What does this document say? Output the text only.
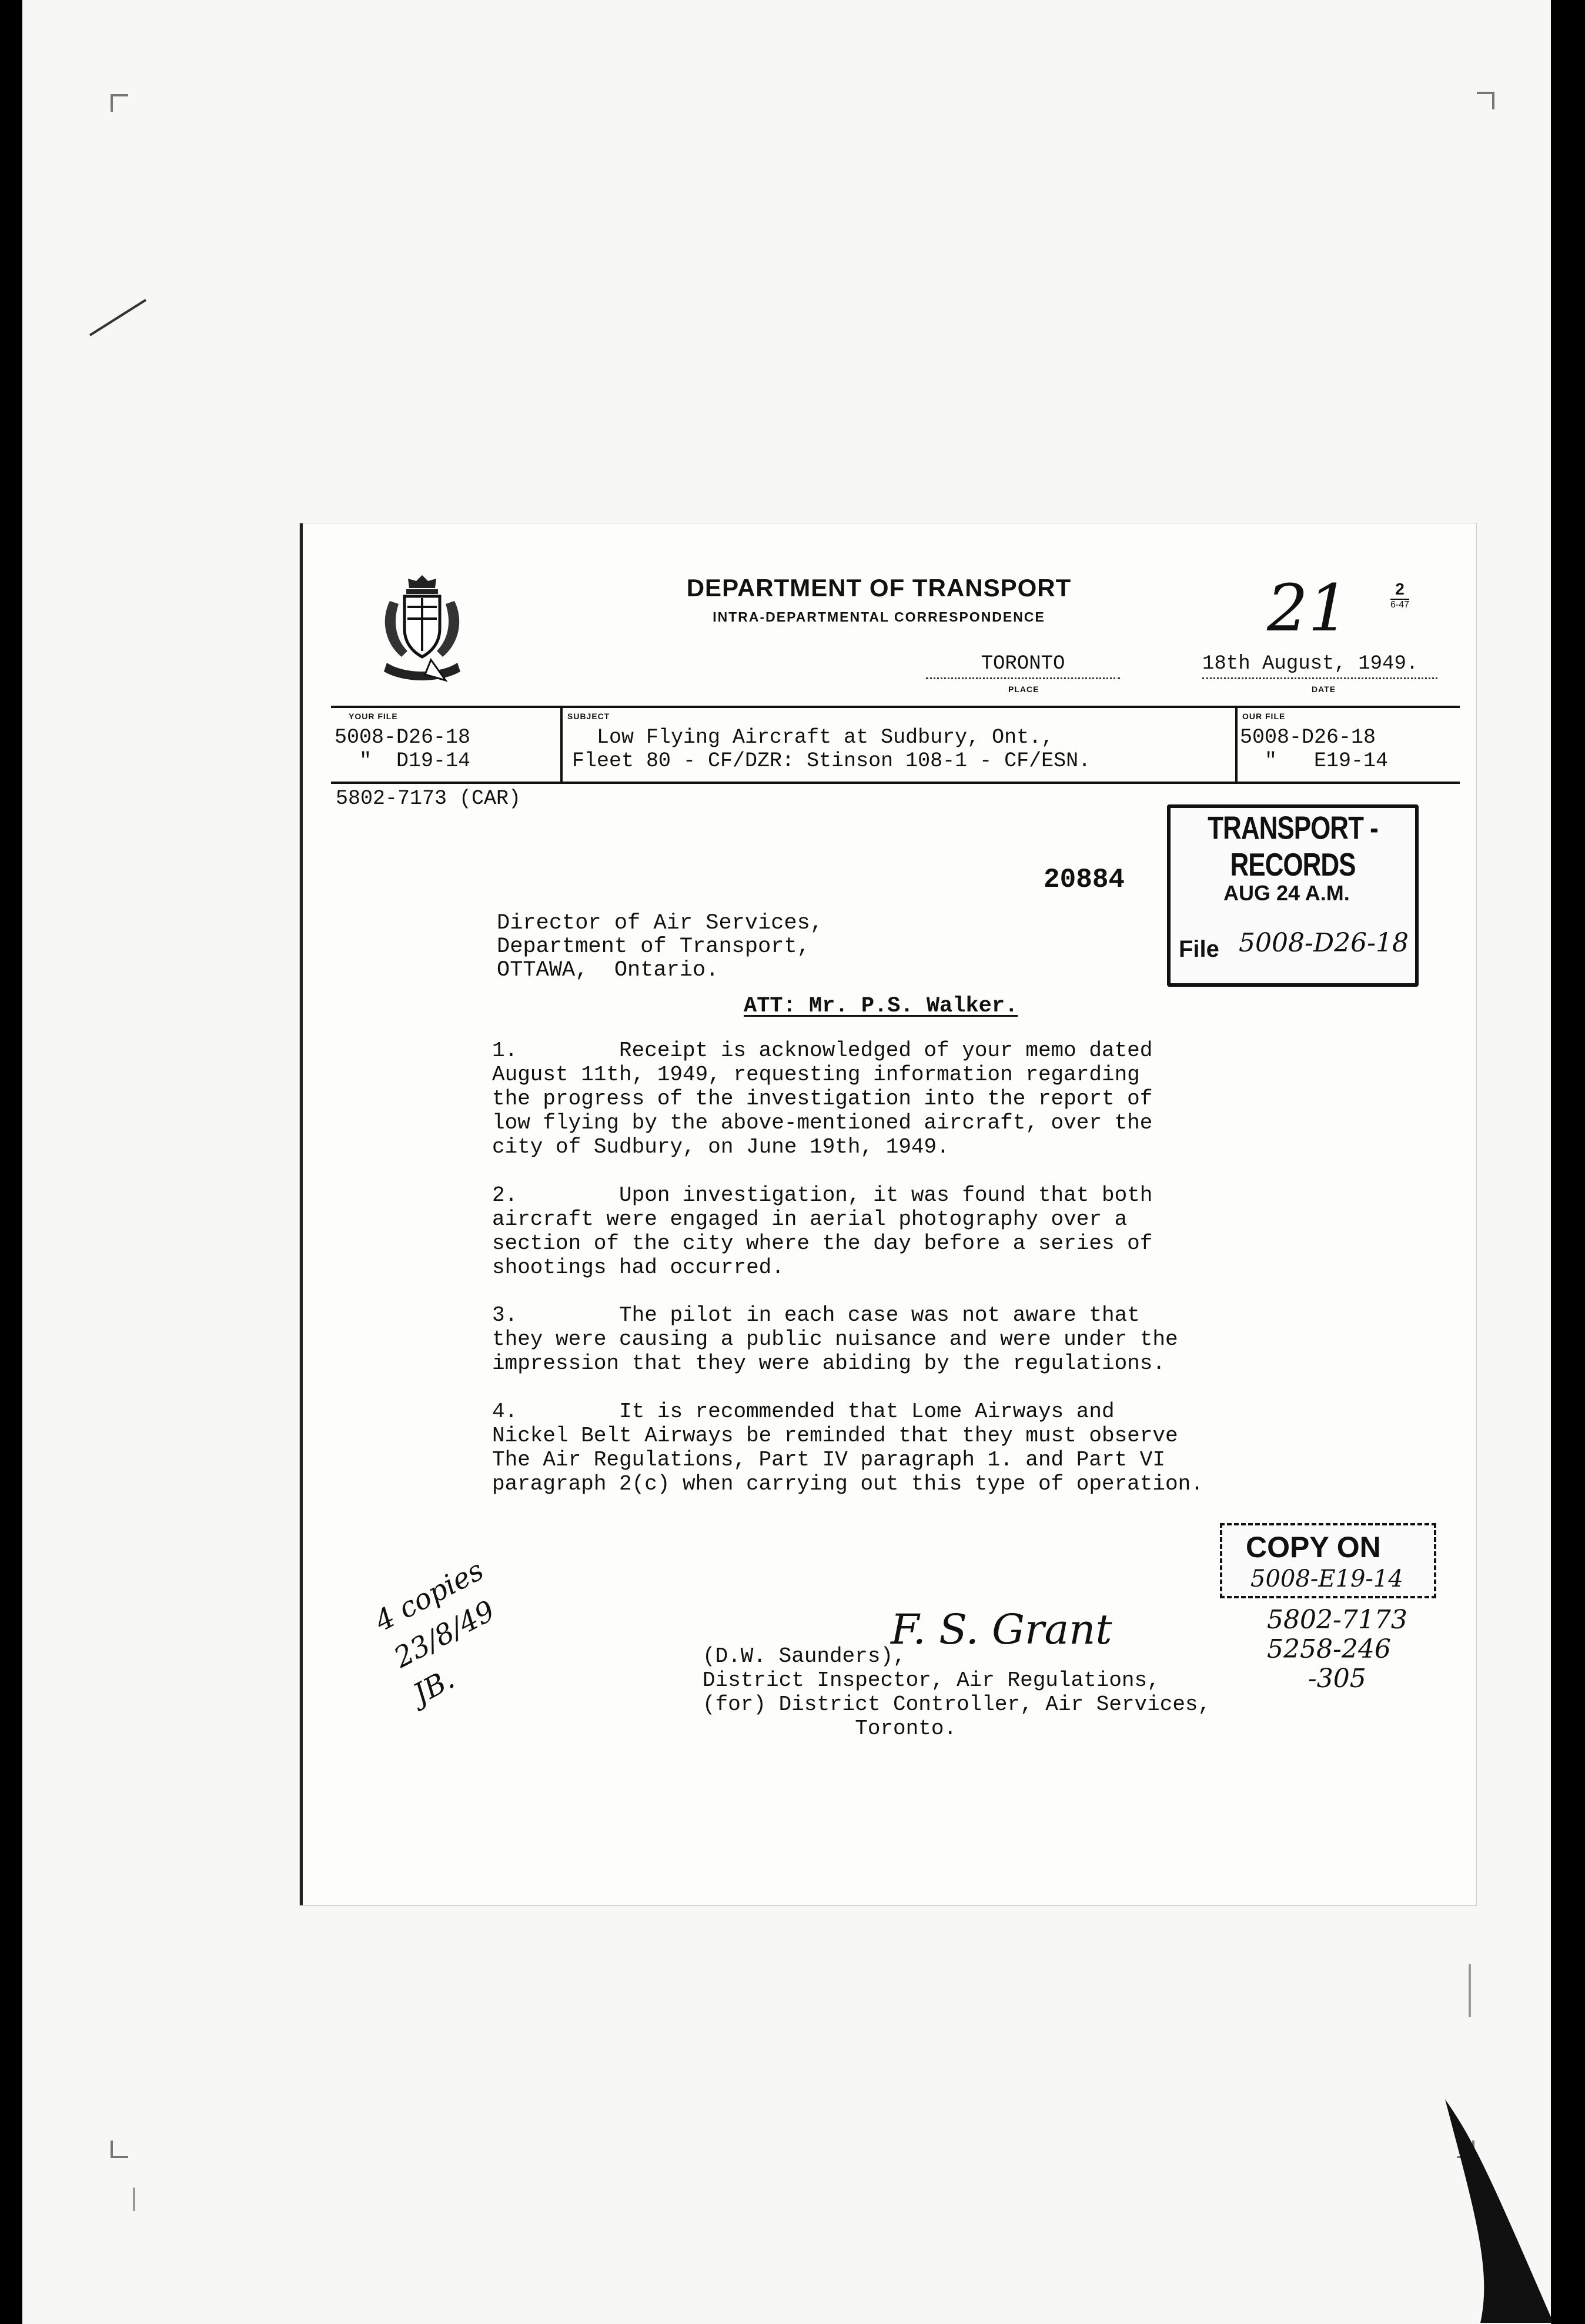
DEPARTMENT OF TRANSPORT
INTRA-DEPARTMENTAL CORRESPONDENCE
2
6-47
21
TORONTO
PLACE
18th August, 1949.
DATE
YOUR FILE
5008-D26-18
"  D19-14
SUBJECT
Low Flying Aircraft at Sudbury, Ont.,
Fleet 80 - CF/DZR: Stinson 108-1 - CF/ESN.
OUR FILE
5008-D26-18
"   E19-14
5802-7173 (CAR)
20884
TRANSPORT - RECORDS
AUG 24 A.M.
File 5008-D26-18
Director of Air Services,
Department of Transport,
OTTAWA,  Ontario.
ATT: Mr. P.S. Walker.
1.        Receipt is acknowledged of your memo dated
August 11th, 1949, requesting information regarding
the progress of the investigation into the report of
low flying by the above-mentioned aircraft, over the
city of Sudbury, on June 19th, 1949.
2.        Upon investigation, it was found that both
aircraft were engaged in aerial photography over a
section of the city where the day before a series of
shootings had occurred.
3.        The pilot in each case was not aware that
they were causing a public nuisance and were under the
impression that they were abiding by the regulations.
4.        It is recommended that Lome Airways and
Nickel Belt Airways be reminded that they must observe
The Air Regulations, Part IV paragraph 1. and Part VI
paragraph 2(c) when carrying out this type of operation.
COPY ON
5008-E19-14
5802-7173
5258-246
-305
F. S. Grant
(D.W. Saunders),
District Inspector, Air Regulations,
(for) District Controller, Air Services,
Toronto.
4 copies
23/8/49
JB.
